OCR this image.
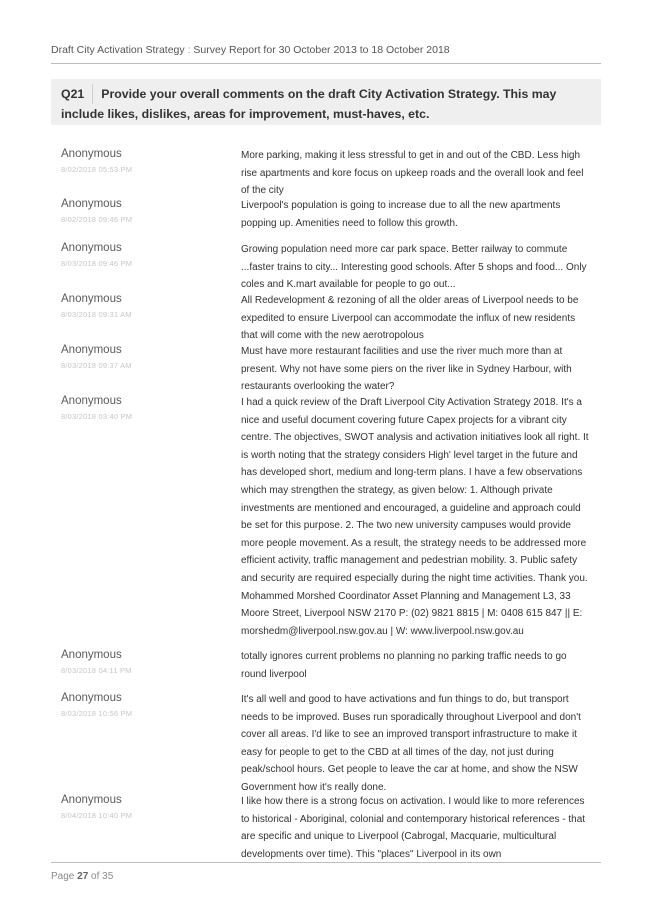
Draft City Activation Strategy : Survey Report for 30 October 2013 to 18 October 2018
Q21 Provide your overall comments on the draft City Activation Strategy. This may include likes, dislikes, areas for improvement, must-haves, etc.
Anonymous
8/02/2018 05:53 PM
More parking, making it less stressful to get in and out of the CBD. Less high rise apartments and kore focus on upkeep roads and the overall look and feel of the city
Anonymous
8/02/2018 09:46 PM
Liverpool's population is going to increase due to all the new apartments popping up. Amenities need to follow this growth.
Anonymous
8/03/2018 09:46 PM
Growing population need more car park space. Better railway to commute ...faster trains to city... Interesting good schools. After 5 shops and food... Only coles and K.mart available for people to go out...
Anonymous
8/03/2018 09:31 AM
All Redevelopment & rezoning of all the older areas of Liverpool needs to be expedited to ensure Liverpool can accommodate the influx of new residents that will come with the new aerotropolous
Anonymous
8/03/2018 09:37 AM
Must have more restaurant facilities and use the river much more than at present. Why not have some piers on the river like in Sydney Harbour, with restaurants overlooking the water?
Anonymous
8/03/2018 03:40 PM
I had a quick review of the Draft Liverpool City Activation Strategy 2018. It's a nice and useful document covering future Capex projects for a vibrant city centre. The objectives, SWOT analysis and activation initiatives look all right. It is worth noting that the strategy considers High' level target in the future and has developed short, medium and long-term plans. I have a few observations which may strengthen the strategy, as given below: 1. Although private investments are mentioned and encouraged, a guideline and approach could be set for this purpose. 2. The two new university campuses would provide more people movement. As a result, the strategy needs to be addressed more efficient activity, traffic management and pedestrian mobility. 3. Public safety and security are required especially during the night time activities. Thank you. Mohammed Morshed Coordinator Asset Planning and Management L3, 33 Moore Street, Liverpool NSW 2170 P: (02) 9821 8815 | M: 0408 615 847 || E: morshedm@liverpool.nsw.gov.au | W: www.liverpool.nsw.gov.au
Anonymous
8/03/2018 04:11 PM
totally ignores current problems no planning no parking traffic needs to go round liverpool
Anonymous
8/03/2018 10:56 PM
It's all well and good to have activations and fun things to do, but transport needs to be improved. Buses run sporadically throughout Liverpool and don't cover all areas. I'd like to see an improved transport infrastructure to make it easy for people to get to the CBD at all times of the day, not just during peak/school hours. Get people to leave the car at home, and show the NSW Government how it's really done.
Anonymous
8/04/2018 10:40 PM
I like how there is a strong focus on activation. I would like to more references to historical - Aboriginal, colonial and contemporary historical references - that are specific and unique to Liverpool (Cabrogal, Macquarie, multicultural developments over time). This "places" Liverpool in its own
Page 27 of 35
